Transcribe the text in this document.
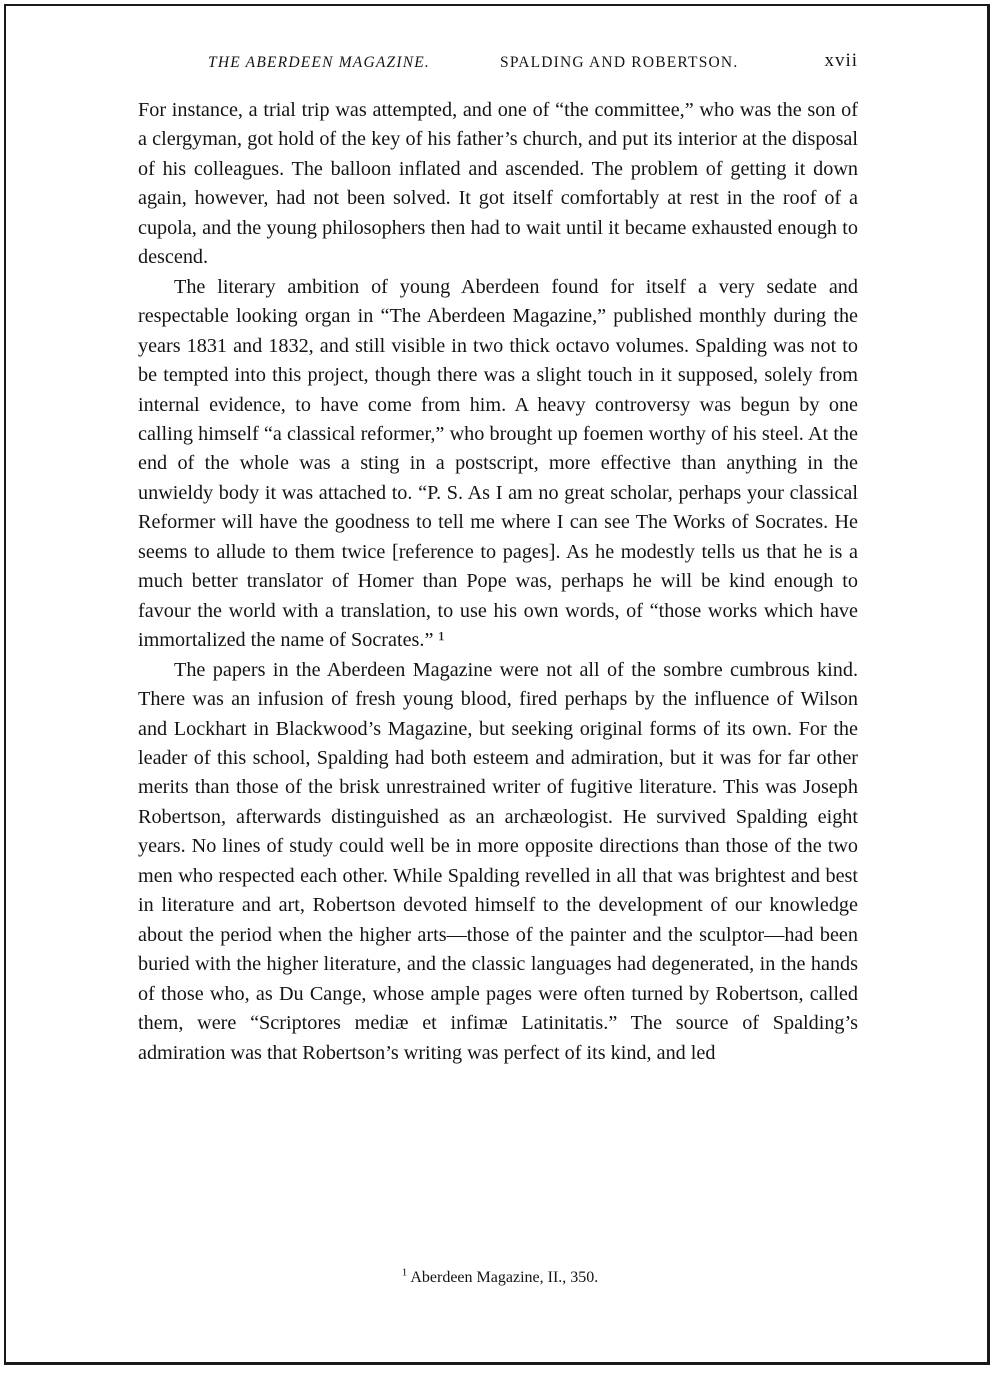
THE ABERDEEN MAGAZINE.	SPALDING AND ROBERTSON.	xvii

For instance, a trial trip was attempted, and one of “the committee,” who was the son of a clergyman, got hold of the key of his father’s church, and put its interior at the disposal of his colleagues. The balloon inflated and ascended. The problem of getting it down again, however, had not been solved. It got itself comfortably at rest in the roof of a cupola, and the young philosophers then had to wait until it became exhausted enough to descend.

The literary ambition of young Aberdeen found for itself a very sedate and respectable looking organ in “The Aberdeen Magazine,” published monthly during the years 1831 and 1832, and still visible in two thick octavo volumes. Spalding was not to be tempted into this project, though there was a slight touch in it supposed, solely from internal evidence, to have come from him. A heavy controversy was begun by one calling himself “a classical reformer,” who brought up foemen worthy of his steel. At the end of the whole was a sting in a postscript, more effective than anything in the unwieldy body it was attached to. “P. S. As I am no great scholar, perhaps your classical Reformer will have the goodness to tell me where I can see The Works of Socrates. He seems to allude to them twice [reference to pages]. As he modestly tells us that he is a much better translator of Homer than Pope was, perhaps he will be kind enough to favour the world with a translation, to use his own words, of “those works which have immortalized the name of Socrates.” ¹

The papers in the Aberdeen Magazine were not all of the sombre cumbrous kind. There was an infusion of fresh young blood, fired perhaps by the influence of Wilson and Lockhart in Blackwood’s Magazine, but seeking original forms of its own. For the leader of this school, Spalding had both esteem and admiration, but it was for far other merits than those of the brisk unrestrained writer of fugitive literature. This was Joseph Robertson, afterwards distinguished as an archæologist. He survived Spalding eight years. No lines of study could well be in more opposite directions than those of the two men who respected each other. While Spalding revelled in all that was brightest and best in literature and art, Robertson devoted himself to the development of our knowledge about the period when the higher arts—those of the painter and the sculptor—had been buried with the higher literature, and the classic languages had degenerated, in the hands of those who, as Du Cange, whose ample pages were often turned by Robertson, called them, were “Scriptores mediæ et infimæ Latinitatis.” The source of Spalding’s admiration was that Robertson’s writing was perfect of its kind, and led

$^1$ Aberdeen Magazine, II., 350.
